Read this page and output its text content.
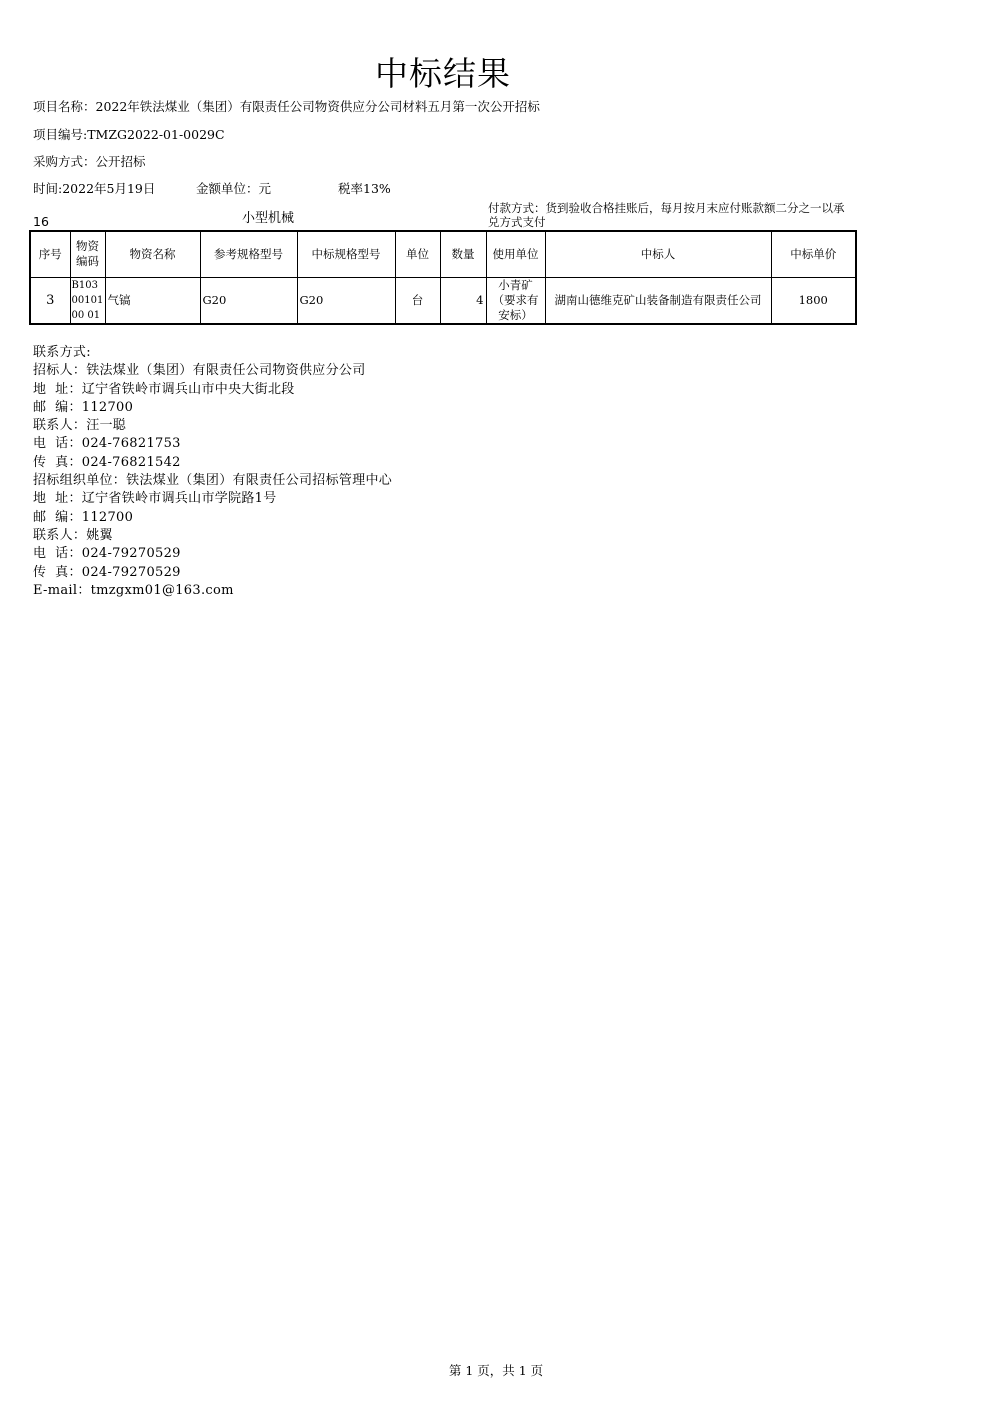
中标结果
项目名称：2022年铁法煤业（集团）有限责任公司物资供应分公司材料五月第一次公开招标
项目编号:TMZG2022-01-0029C
采购方式：公开招标
时间:2022年5月19日	金额单位：元	税率13%
16	小型机械
付款方式：货到验收合格挂账后，每月按月末应付账款额二分之一以承兑方式支付
序号	物资编码	物资名称	参考规格型号	中标规格型号	单位	数量	使用单位	中标人	中标单价
3	B1030010100 01	气镐	G20	G20	台	4	小青矿（要求有安标）	湖南山德维克矿山装备制造有限责任公司	1800
联系方式:
招标人：铁法煤业（集团）有限责任公司物资供应分公司
地  址：辽宁省铁岭市调兵山市中央大街北段
邮  编：112700
联系人：汪一聪
电  话：024-76821753
传  真：024-76821542
招标组织单位：铁法煤业（集团）有限责任公司招标管理中心
地  址：辽宁省铁岭市调兵山市学院路1号
邮  编：112700
联系人：姚翼
电  话：024-79270529
传  真：024-79270529
E-mail：tmzgxm01@163.com
第 1 页，共 1 页
